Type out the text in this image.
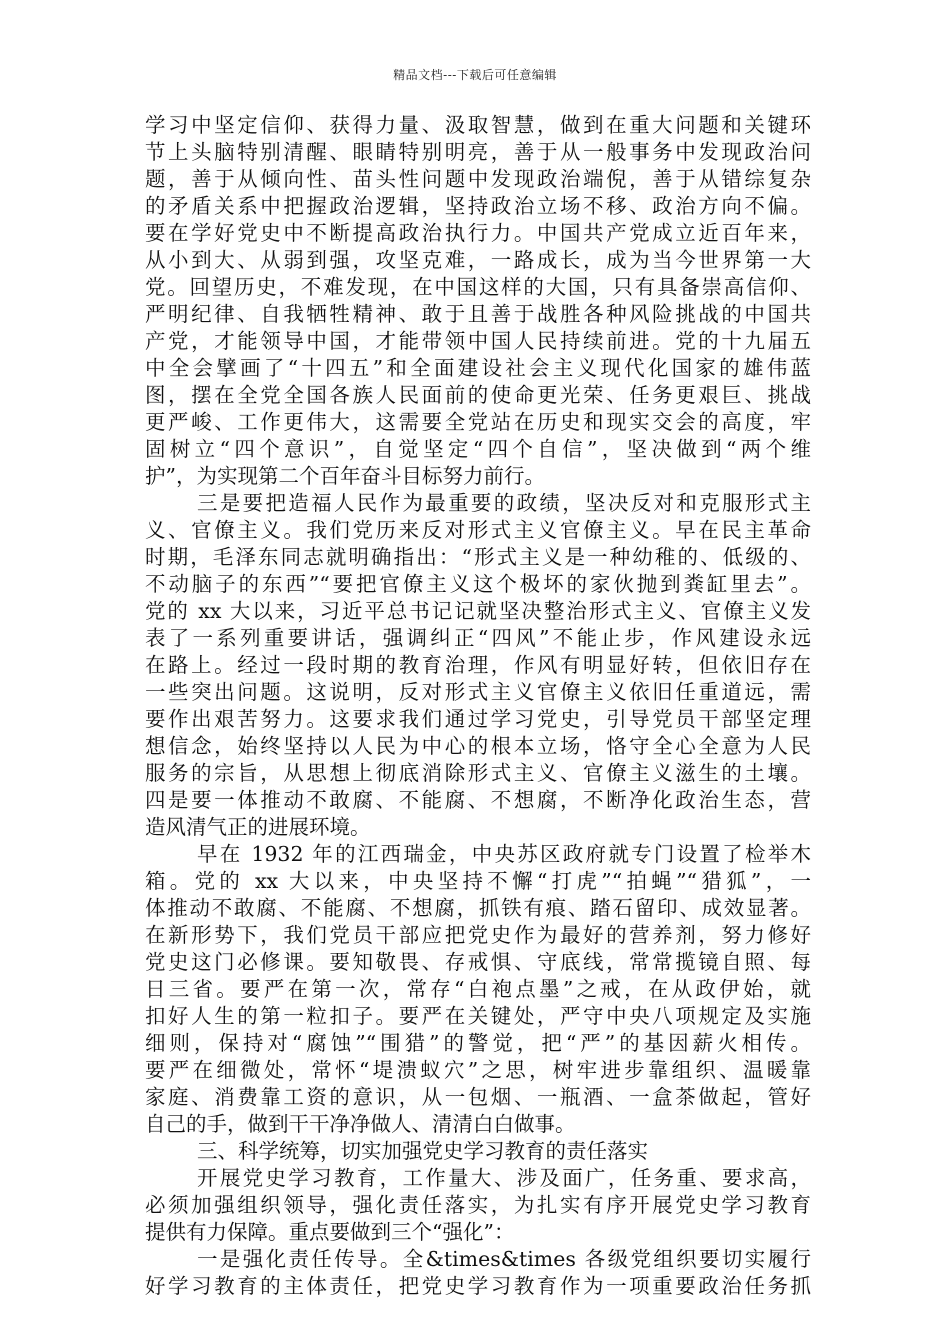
精品文档---下载后可任意编辑
学习中坚定信仰、获得力量、汲取智慧，做到在重大问题和关键环
节上头脑特别清醒、眼睛特别明亮，善于从一般事务中发现政治问
题，善于从倾向性、苗头性问题中发现政治端倪，善于从错综复杂
的矛盾关系中把握政治逻辑，坚持政治立场不移、政治方向不偏。
要在学好党史中不断提高政治执行力。中国共产党成立近百年来，
从小到大、从弱到强，攻坚克难，一路成长，成为当今世界第一大
党。回望历史，不难发现，在中国这样的大国，只有具备崇高信仰、
严明纪律、自我牺牲精神、敢于且善于战胜各种风险挑战的中国共
产党，才能领导中国，才能带领中国人民持续前进。党的十九届五
中全会擘画了“十四五”和全面建设社会主义现代化国家的雄伟蓝
图，摆在全党全国各族人民面前的使命更光荣、任务更艰巨、挑战
更严峻、工作更伟大，这需要全党站在历史和现实交会的高度，牢
固树立“四个意识”，自觉坚定“四个自信”，坚决做到“两个维
护”，为实现第二个百年奋斗目标努力前行。
三是要把造福人民作为最重要的政绩，坚决反对和克服形式主
义、官僚主义。我们党历来反对形式主义官僚主义。早在民主革命
时期，毛泽东同志就明确指出：“形式主义是一种幼稚的、低级的、
不动脑子的东西”“要把官僚主义这个极坏的家伙抛到粪缸里去”。
党的 xx 大以来，习近平总书记记就坚决整治形式主义、官僚主义发
表了一系列重要讲话，强调纠正“四风”不能止步，作风建设永远
在路上。经过一段时期的教育治理，作风有明显好转，但依旧存在
一些突出问题。这说明，反对形式主义官僚主义依旧任重道远，需
要作出艰苦努力。这要求我们通过学习党史，引导党员干部坚定理
想信念，始终坚持以人民为中心的根本立场，恪守全心全意为人民
服务的宗旨，从思想上彻底消除形式主义、官僚主义滋生的土壤。
四是要一体推动不敢腐、不能腐、不想腐，不断净化政治生态，营
造风清气正的进展环境。
早在 1932 年的江西瑞金，中央苏区政府就专门设置了检举木
箱。党的 xx 大以来，中央坚持不懈“打虎”“拍蝇”“猎狐”，一
体推动不敢腐、不能腐、不想腐，抓铁有痕、踏石留印、成效显著。
在新形势下，我们党员干部应把党史作为最好的营养剂，努力修好
党史这门必修课。要知敬畏、存戒惧、守底线，常常揽镜自照、每
日三省。要严在第一次，常存“白袍点墨”之戒，在从政伊始，就
扣好人生的第一粒扣子。要严在关键处，严守中央八项规定及实施
细则，保持对“腐蚀”“围猎”的警觉，把“严”的基因薪火相传。
要严在细微处，常怀“堤溃蚁穴”之思，树牢进步靠组织、温暖靠
家庭、消费靠工资的意识，从一包烟、一瓶酒、一盒茶做起，管好
自己的手，做到干干净净做人、清清白白做事。
三、科学统筹，切实加强党史学习教育的责任落实
开展党史学习教育，工作量大、涉及面广，任务重、要求高，
必须加强组织领导，强化责任落实，为扎实有序开展党史学习教育
提供有力保障。重点要做到三个“强化”：
一是强化责任传导。全&times&times 各级党组织要切实履行
好学习教育的主体责任，把党史学习教育作为一项重要政治任务抓
